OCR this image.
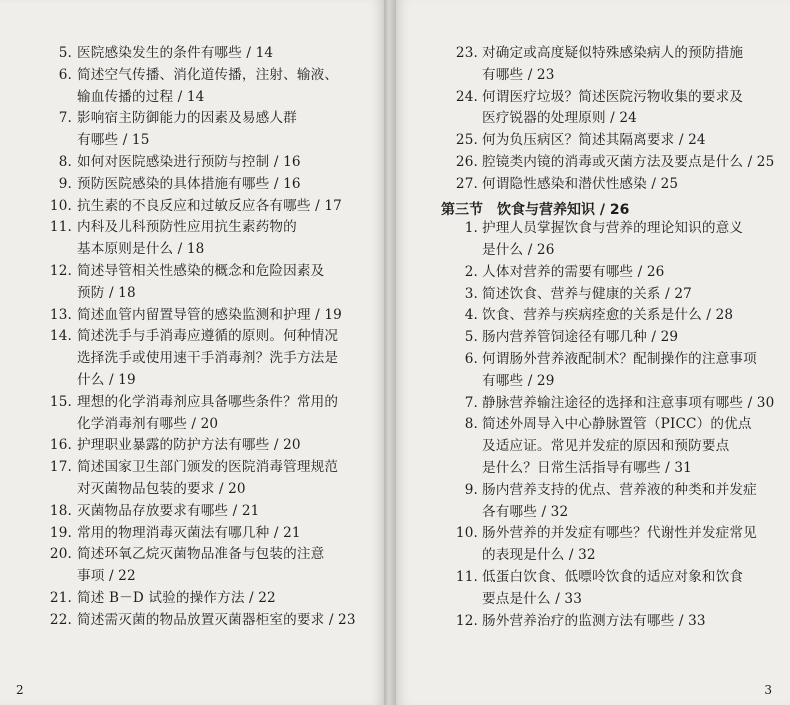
2
5. 医院感染发生的条件有哪些 / 14
6. 简述空气传播、消化道传播，注射、输液、
输血传播的过程 / 14
7. 影响宿主防御能力的因素及易感人群
有哪些 / 15
8. 如何对医院感染进行预防与控制 / 16
9. 预防医院感染的具体措施有哪些 / 16
10. 抗生素的不良反应和过敏反应各有哪些 / 17
11. 内科及儿科预防性应用抗生素药物的
基本原则是什么 / 18
12. 简述导管相关性感染的概念和危险因素及
预防 / 18
13. 简述血管内留置导管的感染监测和护理 / 19
14. 简述洗手与手消毒应遵循的原则。何种情况
选择洗手或使用速干手消毒剂？洗手方法是
什么 / 19
15. 理想的化学消毒剂应具备哪些条件？常用的
化学消毒剂有哪些 / 20
16. 护理职业暴露的防护方法有哪些 / 20
17. 简述国家卫生部门颁发的医院消毒管理规范
对灭菌物品包装的要求 / 20
18. 灭菌物品存放要求有哪些 / 21
19. 常用的物理消毒灭菌法有哪几种 / 21
20. 简述环氧乙烷灭菌物品准备与包装的注意
事项 / 22
21. 简述 B－D 试验的操作方法 / 22
22. 简述需灭菌的物品放置灭菌器柜室的要求 / 23
3
23. 对确定或高度疑似特殊感染病人的预防措施
有哪些 / 23
24. 何谓医疗垃圾？简述医院污物收集的要求及
医疗锐器的处理原则 / 24
25. 何为负压病区？简述其隔离要求 / 24
26. 腔镜类内镜的消毒或灭菌方法及要点是什么 / 25
27. 何谓隐性感染和潜伏性感染 / 25
第三节　饮食与营养知识 / 26
1. 护理人员掌握饮食与营养的理论知识的意义
是什么 / 26
2. 人体对营养的需要有哪些 / 26
3. 简述饮食、营养与健康的关系 / 27
4. 饮食、营养与疾病痊愈的关系是什么 / 28
5. 肠内营养管饲途径有哪几种 / 29
6. 何谓肠外营养液配制术？配制操作的注意事项
有哪些 / 29
7. 静脉营养输注途径的选择和注意事项有哪些 / 30
8. 简述外周导入中心静脉置管（PICC）的优点
及适应证。常见并发症的原因和预防要点
是什么？日常生活指导有哪些 / 31
9. 肠内营养支持的优点、营养液的种类和并发症
各有哪些 / 32
10. 肠外营养的并发症有哪些？代谢性并发症常见
的表现是什么 / 32
11. 低蛋白饮食、低嘌呤饮食的适应对象和饮食
要点是什么 / 33
12. 肠外营养治疗的监测方法有哪些 / 33
